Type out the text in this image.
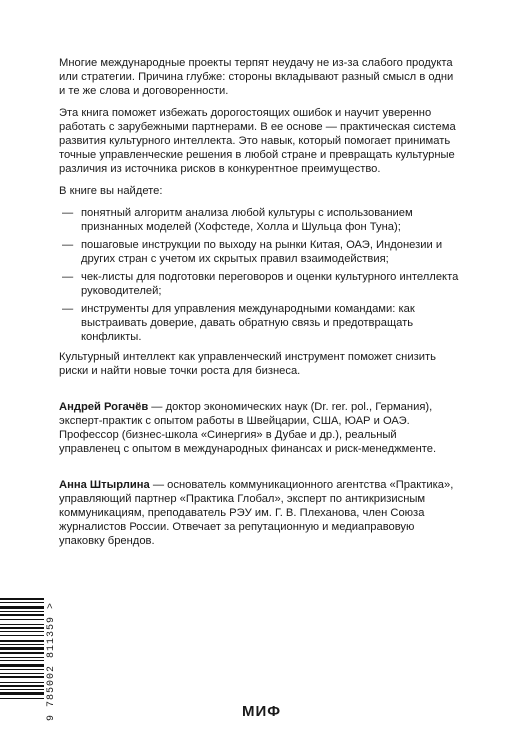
Многие международные проекты терпят неудачу не из-за слабого продукта или стратегии. Причина глубже: стороны вкладывают разный смысл в одни и те же слова и договоренности.

Эта книга поможет избежать дорогостоящих ошибок и научит уверенно работать с зарубежными партнерами. В ее основе — практическая система развития культурного интеллекта. Это навык, который помогает принимать точные управленческие решения в любой стране и превращать культурные различия из источника рисков в конкурентное преимущество.

В книге вы найдете:

— понятный алгоритм анализа любой культуры с использованием признанных моделей (Хофстеде, Холла и Шульца фон Туна);
— пошаговые инструкции по выходу на рынки Китая, ОАЭ, Индонезии и других стран с учетом их скрытых правил взаимодействия;
— чек-листы для подготовки переговоров и оценки культурного интеллекта руководителей;
— инструменты для управления международными командами: как выстраивать доверие, давать обратную связь и предотвращать конфликты.

Культурный интеллект как управленческий инструмент поможет снизить риски и найти новые точки роста для бизнеса.

Андрей Рогачёв — доктор экономических наук (Dr. rer. pol., Германия), эксперт-практик с опытом работы в Швейцарии, США, ЮАР и ОАЭ. Профессор (бизнес-школа «Синергия» в Дубае и др.), реальный управленец с опытом в международных финансах и риск-менеджменте.

Анна Штырлина — основатель коммуникационного агентства «Практика», управляющий партнер «Практика Глобал», эксперт по антикризисным коммуникациям, преподаватель РЭУ им. Г. В. Плеханова, член Союза журналистов России. Отвечает за репутационную и медиаправовую упаковку брендов.

9 785002 811359 >	МИФ
